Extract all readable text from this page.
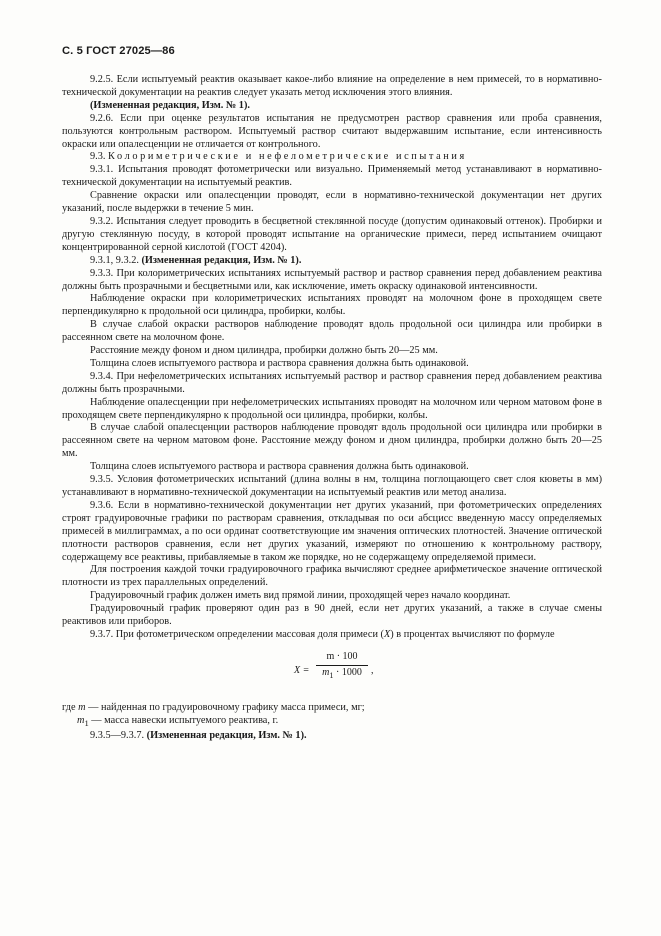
С. 5 ГОСТ 27025—86

9.2.5. Если испытуемый реактив оказывает какое-либо влияние на определение в нем примесей, то в нормативно-технической документации на реактив следует указать метод исключения этого влияния.

(Измененная редакция, Изм. № 1).

9.2.6. Если при оценке результатов испытания не предусмотрен раствор сравнения или проба сравнения, пользуются контрольным раствором. Испытуемый раствор считают выдержавшим испытание, если интенсивность окраски или опалесценции не отличается от контрольного.

9.3. Колориметрические и нефелометрические испытания

9.3.1. Испытания проводят фотометрически или визуально. Применяемый метод устанавливают в нормативно-технической документации на испытуемый реактив.

Сравнение окраски или опалесценции проводят, если в нормативно-технической документации нет других указаний, после выдержки в течение 5 мин.

9.3.2. Испытания следует проводить в бесцветной стеклянной посуде (допустим одинаковый оттенок). Пробирки и другую стеклянную посуду, в которой проводят испытание на органические примеси, перед испытанием очищают концентрированной серной кислотой (ГОСТ 4204).

9.3.1, 9.3.2. (Измененная редакция, Изм. № 1).

9.3.3. При колориметрических испытаниях испытуемый раствор и раствор сравнения перед добавлением реактива должны быть прозрачными и бесцветными или, как исключение, иметь окраску одинаковой интенсивности.

Наблюдение окраски при колориметрических испытаниях проводят на молочном фоне в проходящем свете перпендикулярно к продольной оси цилиндра, пробирки, колбы.

В случае слабой окраски растворов наблюдение проводят вдоль продольной оси цилиндра или пробирки в рассеянном свете на молочном фоне.

Расстояние между фоном и дном цилиндра, пробирки должно быть 20—25 мм.

Толщина слоев испытуемого раствора и раствора сравнения должна быть одинаковой.

9.3.4. При нефелометрических испытаниях испытуемый раствор и раствор сравнения перед добавлением реактива должны быть прозрачными.

Наблюдение опалесценции при нефелометрических испытаниях проводят на молочном или черном матовом фоне в проходящем свете перпендикулярно к продольной оси цилиндра, пробирки, колбы.

В случае слабой опалесценции растворов наблюдение проводят вдоль продольной оси цилиндра или пробирки в рассеянном свете на черном матовом фоне. Расстояние между фоном и дном цилиндра, пробирки должно быть 20—25 мм.

Толщина слоев испытуемого раствора и раствора сравнения должна быть одинаковой.

9.3.5. Условия фотометрических испытаний (длина волны в нм, толщина поглощающего свет слоя кюветы в мм) устанавливают в нормативно-технической документации на испытуемый реактив или метод анализа.

9.3.6. Если в нормативно-технической документации нет других указаний, при фотометрических определениях строят градуировочные графики по растворам сравнения, откладывая по оси абсцисс введенную массу определяемых примесей в миллиграммах, а по оси ординат соответствующие им значения оптических плотностей. Значение оптической плотности растворов сравнения, если нет других указаний, измеряют по отношению к контрольному раствору, содержащему все реактивы, прибавляемые в таком же порядке, но не содержащему определяемой примеси.

Для построения каждой точки градуировочного графика вычисляют среднее арифметическое значение оптической плотности из трех параллельных определений.

Градуировочный график должен иметь вид прямой линии, проходящей через начало координат.

Градуировочный график проверяют один раз в 90 дней, если нет других указаний, а также в случае смены реактивов или приборов.

9.3.7. При фотометрическом определении массовая доля примеси (X) в процентах вычисляют по формуле

X =
m · 100
$m_1 \cdot 1000$ ,

где m — найденная по градуировочному графику масса примеси, мг;

$m_1$ — масса навески испытуемого реактива, г.

9.3.5—9.3.7. (Измененная редакция, Изм. № 1).
